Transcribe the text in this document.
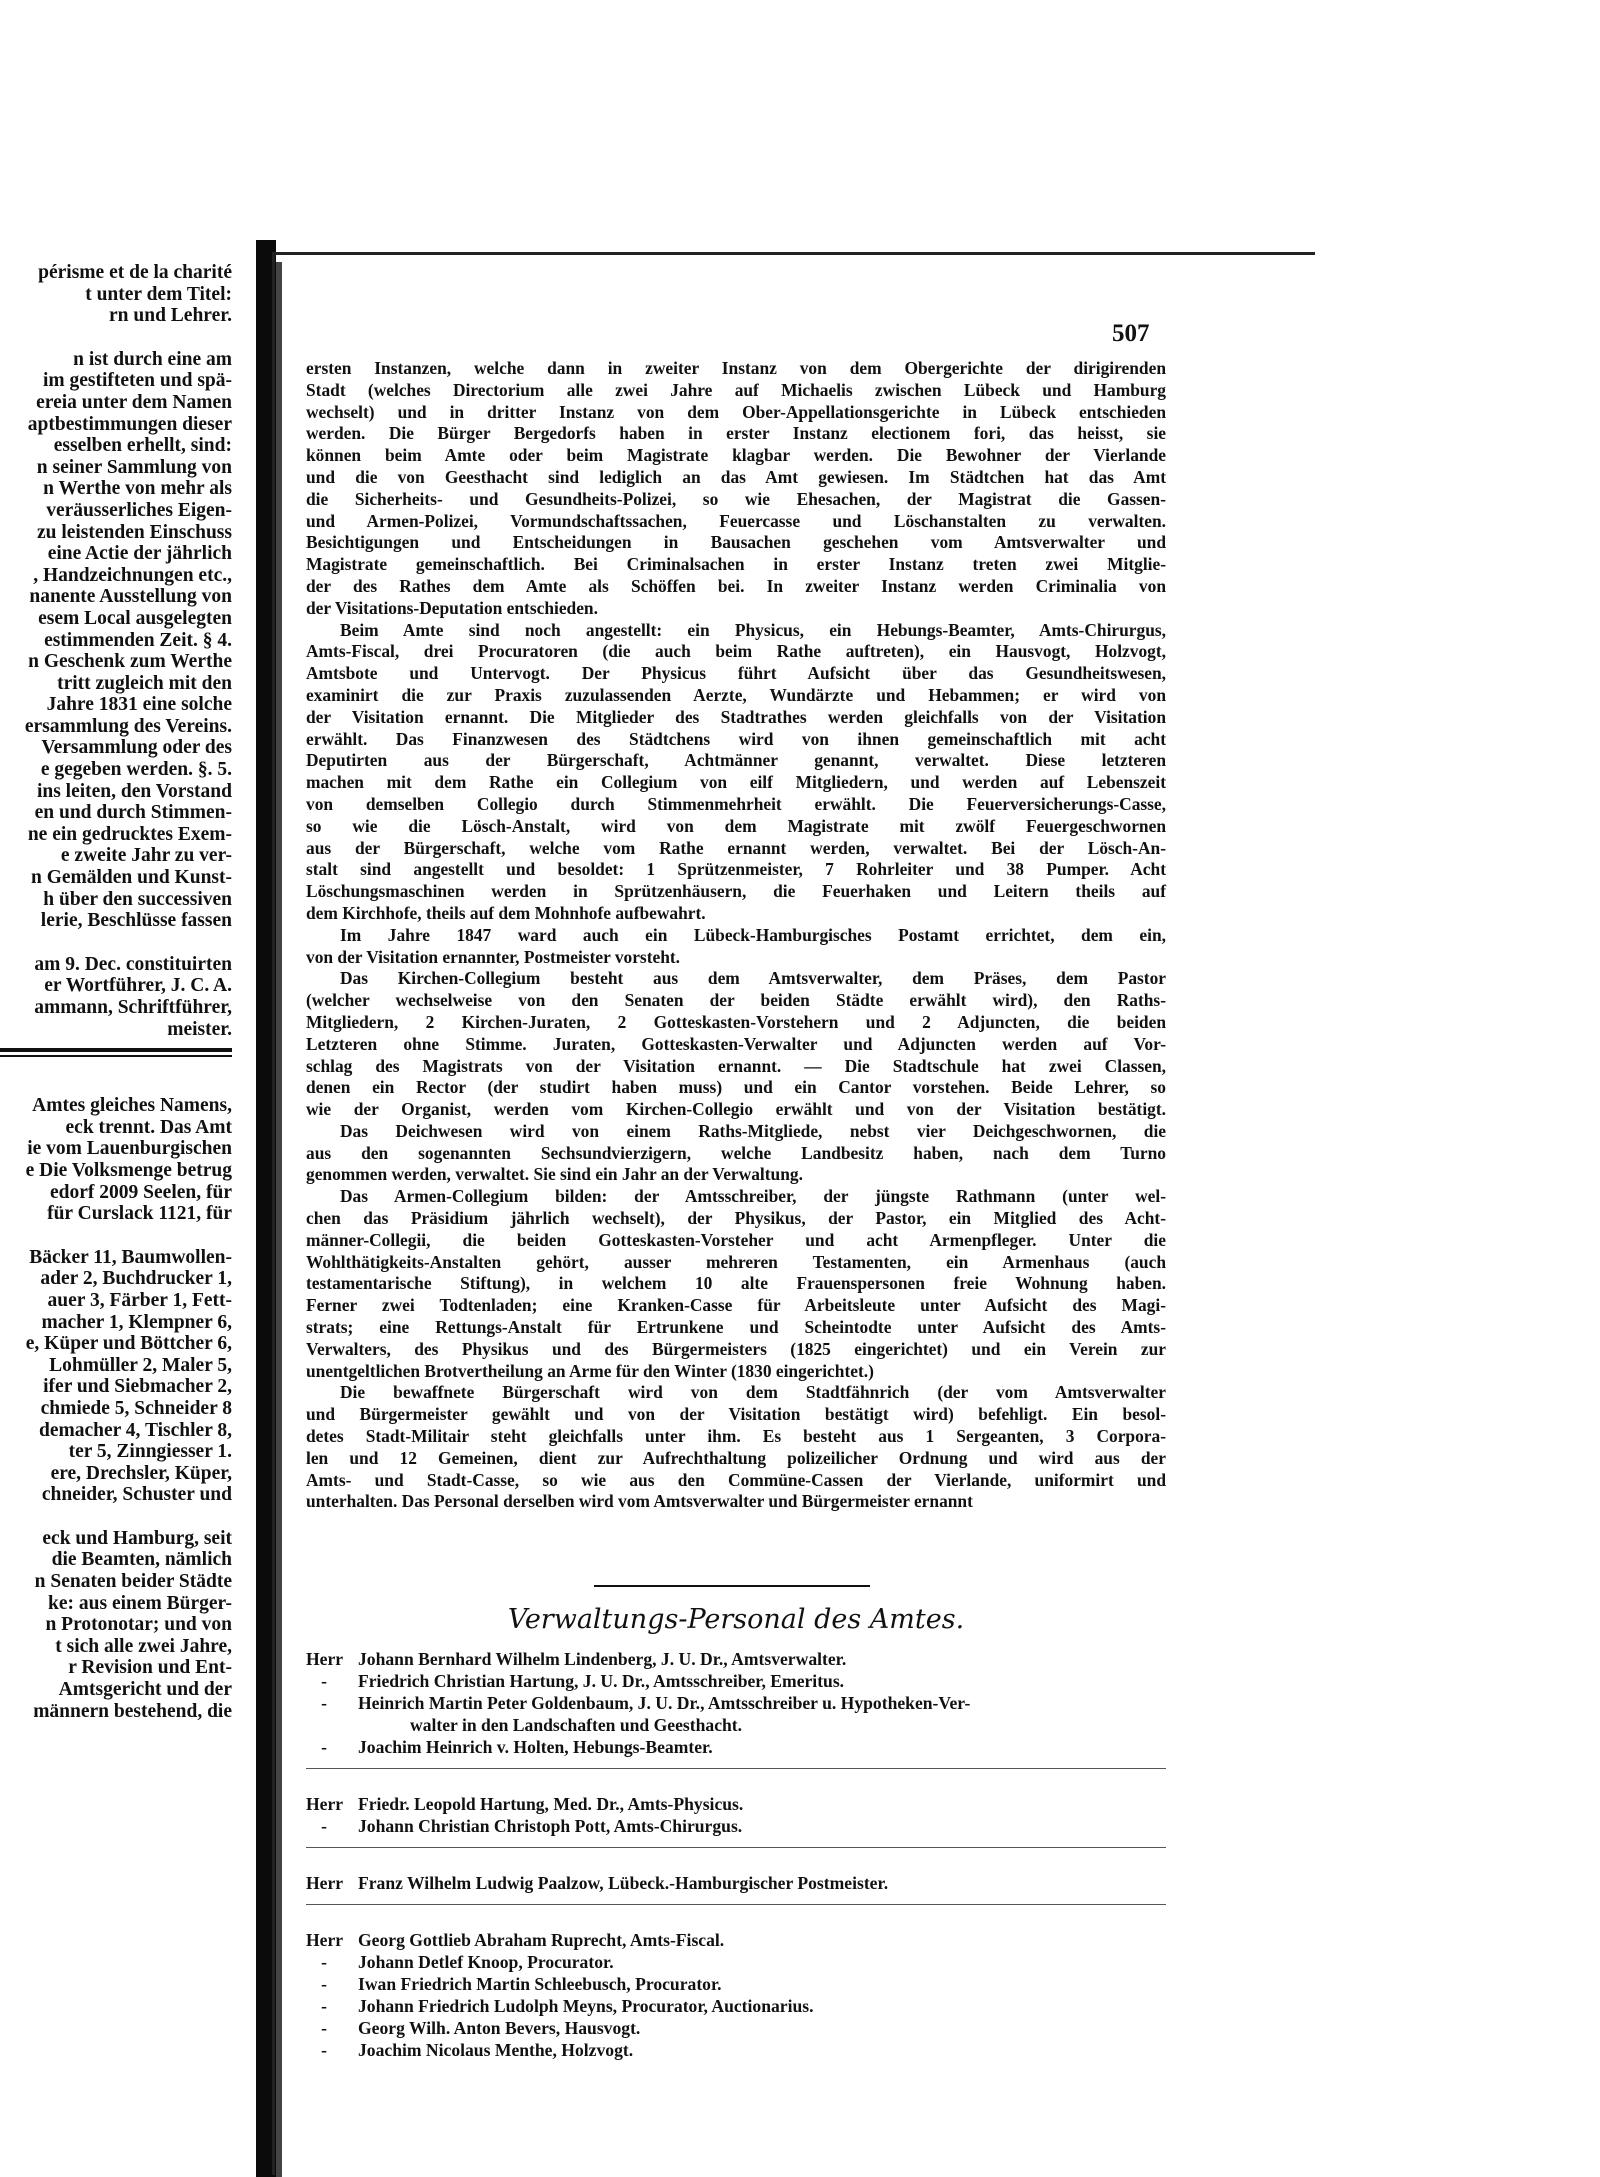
périsme et de la charité
t unter dem Titel:
rn und Lehrer.
n ist durch eine am
im gestifteten und spä-
ereia unter dem Namen
aptbestimmungen dieser
esselben erhellt, sind:
n seiner Sammlung von
n Werthe von mehr als
veräusserliches Eigen-
zu leistenden Einschuss
eine Actie der jährlich
, Handzeichnungen etc.,
nanente Ausstellung von
esem Local ausgelegten
estimmenden Zeit. § 4.
n Geschenk zum Werthe
tritt zugleich mit den
Jahre 1831 eine solche
ersammlung des Vereins.
Versammlung oder des
e gegeben werden. §. 5.
ins leiten, den Vorstand
en und durch Stimmen-
ne ein gedrucktes Exem-
e zweite Jahr zu ver-
n Gemälden und Kunst-
h über den successiven
lerie, Beschlüsse fassen
am 9. Dec. constituirten
er Wortführer, J. C. A.
ammann, Schriftführer,
meister.
Amtes gleiches Namens,
eck trennt. Das Amt
ie vom Lauenburgischen
e Die Volksmenge betrug
edorf 2009 Seelen, für
für Curslack 1121, für
Bäcker 11, Baumwollen-
ader 2, Buchdrucker 1,
auer 3, Färber 1, Fett-
macher 1, Klempner 6,
e, Küper und Böttcher 6,
Lohmüller 2, Maler 5,
ifer und Siebmacher 2,
chmiede 5, Schneider 8
demacher 4, Tischler 8,
ter 5, Zinngiesser 1.
ere, Drechsler, Küper,
chneider, Schuster und
eck und Hamburg, seit
die Beamten, nämlich
n Senaten beider Städte
ke: aus einem Bürger-
n Protonotar; und von
t sich alle zwei Jahre,
r Revision und Ent-
Amtsgericht und der
männern bestehend, die
507
ersten Instanzen, welche dann in zweiter Instanz von dem Obergerichte der dirigirenden
Stadt (welches Directorium alle zwei Jahre auf Michaelis zwischen Lübeck und Hamburg
wechselt) und in dritter Instanz von dem Ober-Appellationsgerichte in Lübeck entschieden
werden. Die Bürger Bergedorfs haben in erster Instanz electionem fori, das heisst, sie
können beim Amte oder beim Magistrate klagbar werden. Die Bewohner der Vierlande
und die von Geesthacht sind lediglich an das Amt gewiesen. Im Städtchen hat das Amt
die Sicherheits- und Gesundheits-Polizei, so wie Ehesachen, der Magistrat die Gassen-
und Armen-Polizei, Vormundschaftssachen, Feuercasse und Löschanstalten zu verwalten.
Besichtigungen und Entscheidungen in Bausachen geschehen vom Amtsverwalter und
Magistrate gemeinschaftlich. Bei Criminalsachen in erster Instanz treten zwei Mitglie-
der des Rathes dem Amte als Schöffen bei. In zweiter Instanz werden Criminalia von
der Visitations-Deputation entschieden.
Beim Amte sind noch angestellt: ein Physicus, ein Hebungs-Beamter, Amts-Chirurgus,
Amts-Fiscal, drei Procuratoren (die auch beim Rathe auftreten), ein Hausvogt, Holzvogt,
Amtsbote und Untervogt. Der Physicus führt Aufsicht über das Gesundheitswesen,
examinirt die zur Praxis zuzulassenden Aerzte, Wundärzte und Hebammen; er wird von
der Visitation ernannt. Die Mitglieder des Stadtrathes werden gleichfalls von der Visitation
erwählt. Das Finanzwesen des Städtchens wird von ihnen gemeinschaftlich mit acht
Deputirten aus der Bürgerschaft, Achtmänner genannt, verwaltet. Diese letzteren
machen mit dem Rathe ein Collegium von eilf Mitgliedern, und werden auf Lebenszeit
von demselben Collegio durch Stimmenmehrheit erwählt. Die Feuerversicherungs-Casse,
so wie die Lösch-Anstalt, wird von dem Magistrate mit zwölf Feuergeschwornen
aus der Bürgerschaft, welche vom Rathe ernannt werden, verwaltet. Bei der Lösch-An-
stalt sind angestellt und besoldet: 1 Sprützenmeister, 7 Rohrleiter und 38 Pumper. Acht
Löschungsmaschinen werden in Sprützenhäusern, die Feuerhaken und Leitern theils auf
dem Kirchhofe, theils auf dem Mohnhofe aufbewahrt.
Im Jahre 1847 ward auch ein Lübeck-Hamburgisches Postamt errichtet, dem ein,
von der Visitation ernannter, Postmeister vorsteht.
Das Kirchen-Collegium besteht aus dem Amtsverwalter, dem Präses, dem Pastor
(welcher wechselweise von den Senaten der beiden Städte erwählt wird), den Raths-
Mitgliedern, 2 Kirchen-Juraten, 2 Gotteskasten-Vorstehern und 2 Adjuncten, die beiden
Letzteren ohne Stimme. Juraten, Gotteskasten-Verwalter und Adjuncten werden auf Vor-
schlag des Magistrats von der Visitation ernannt. — Die Stadtschule hat zwei Classen,
denen ein Rector (der studirt haben muss) und ein Cantor vorstehen. Beide Lehrer, so
wie der Organist, werden vom Kirchen-Collegio erwählt und von der Visitation bestätigt.
Das Deichwesen wird von einem Raths-Mitgliede, nebst vier Deichgeschwornen, die
aus den sogenannten Sechsundvierzigern, welche Landbesitz haben, nach dem Turno
genommen werden, verwaltet. Sie sind ein Jahr an der Verwaltung.
Das Armen-Collegium bilden: der Amtsschreiber, der jüngste Rathmann (unter wel-
chen das Präsidium jährlich wechselt), der Physikus, der Pastor, ein Mitglied des Acht-
männer-Collegii, die beiden Gotteskasten-Vorsteher und acht Armenpfleger. Unter die
Wohlthätigkeits-Anstalten gehört, ausser mehreren Testamenten, ein Armenhaus (auch
testamentarische Stiftung), in welchem 10 alte Frauenspersonen freie Wohnung haben.
Ferner zwei Todtenladen; eine Kranken-Casse für Arbeitsleute unter Aufsicht des Magi-
strats; eine Rettungs-Anstalt für Ertrunkene und Scheintodte unter Aufsicht des Amts-
Verwalters, des Physikus und des Bürgermeisters (1825 eingerichtet) und ein Verein zur
unentgeltlichen Brotvertheilung an Arme für den Winter (1830 eingerichtet.)
Die bewaffnete Bürgerschaft wird von dem Stadtfähnrich (der vom Amtsverwalter
und Bürgermeister gewählt und von der Visitation bestätigt wird) befehligt. Ein besol-
detes Stadt-Militair steht gleichfalls unter ihm. Es besteht aus 1 Sergeanten, 3 Corpora-
len und 12 Gemeinen, dient zur Aufrechthaltung polizeilicher Ordnung und wird aus der
Amts- und Stadt-Casse, so wie aus den Commüne-Cassen der Vierlande, uniformirt und
unterhalten. Das Personal derselben wird vom Amtsverwalter und Bürgermeister ernannt
Verwaltungs-Personal des Amtes.
Herr Johann Bernhard Wilhelm Lindenberg, J. U. Dr., Amtsverwalter.
-	Friedrich Christian Hartung, J. U. Dr., Amtsschreiber, Emeritus.
-	Heinrich Martin Peter Goldenbaum, J. U. Dr., Amtsschreiber u. Hypotheken-Ver-
walter in den Landschaften und Geesthacht.
-	Joachim Heinrich v. Holten, Hebungs-Beamter.
Herr Friedr. Leopold Hartung, Med. Dr., Amts-Physicus.
-	Johann Christian Christoph Pott, Amts-Chirurgus.
Herr Franz Wilhelm Ludwig Paalzow, Lübeck.-Hamburgischer Postmeister.
Herr Georg Gottlieb Abraham Ruprecht, Amts-Fiscal.
-	Johann Detlef Knoop, Procurator.
-	Iwan Friedrich Martin Schleebusch, Procurator.
-	Johann Friedrich Ludolph Meyns, Procurator, Auctionarius.
-	Georg Wilh. Anton Bevers, Hausvogt.
-	Joachim Nicolaus Menthe, Holzvogt.
